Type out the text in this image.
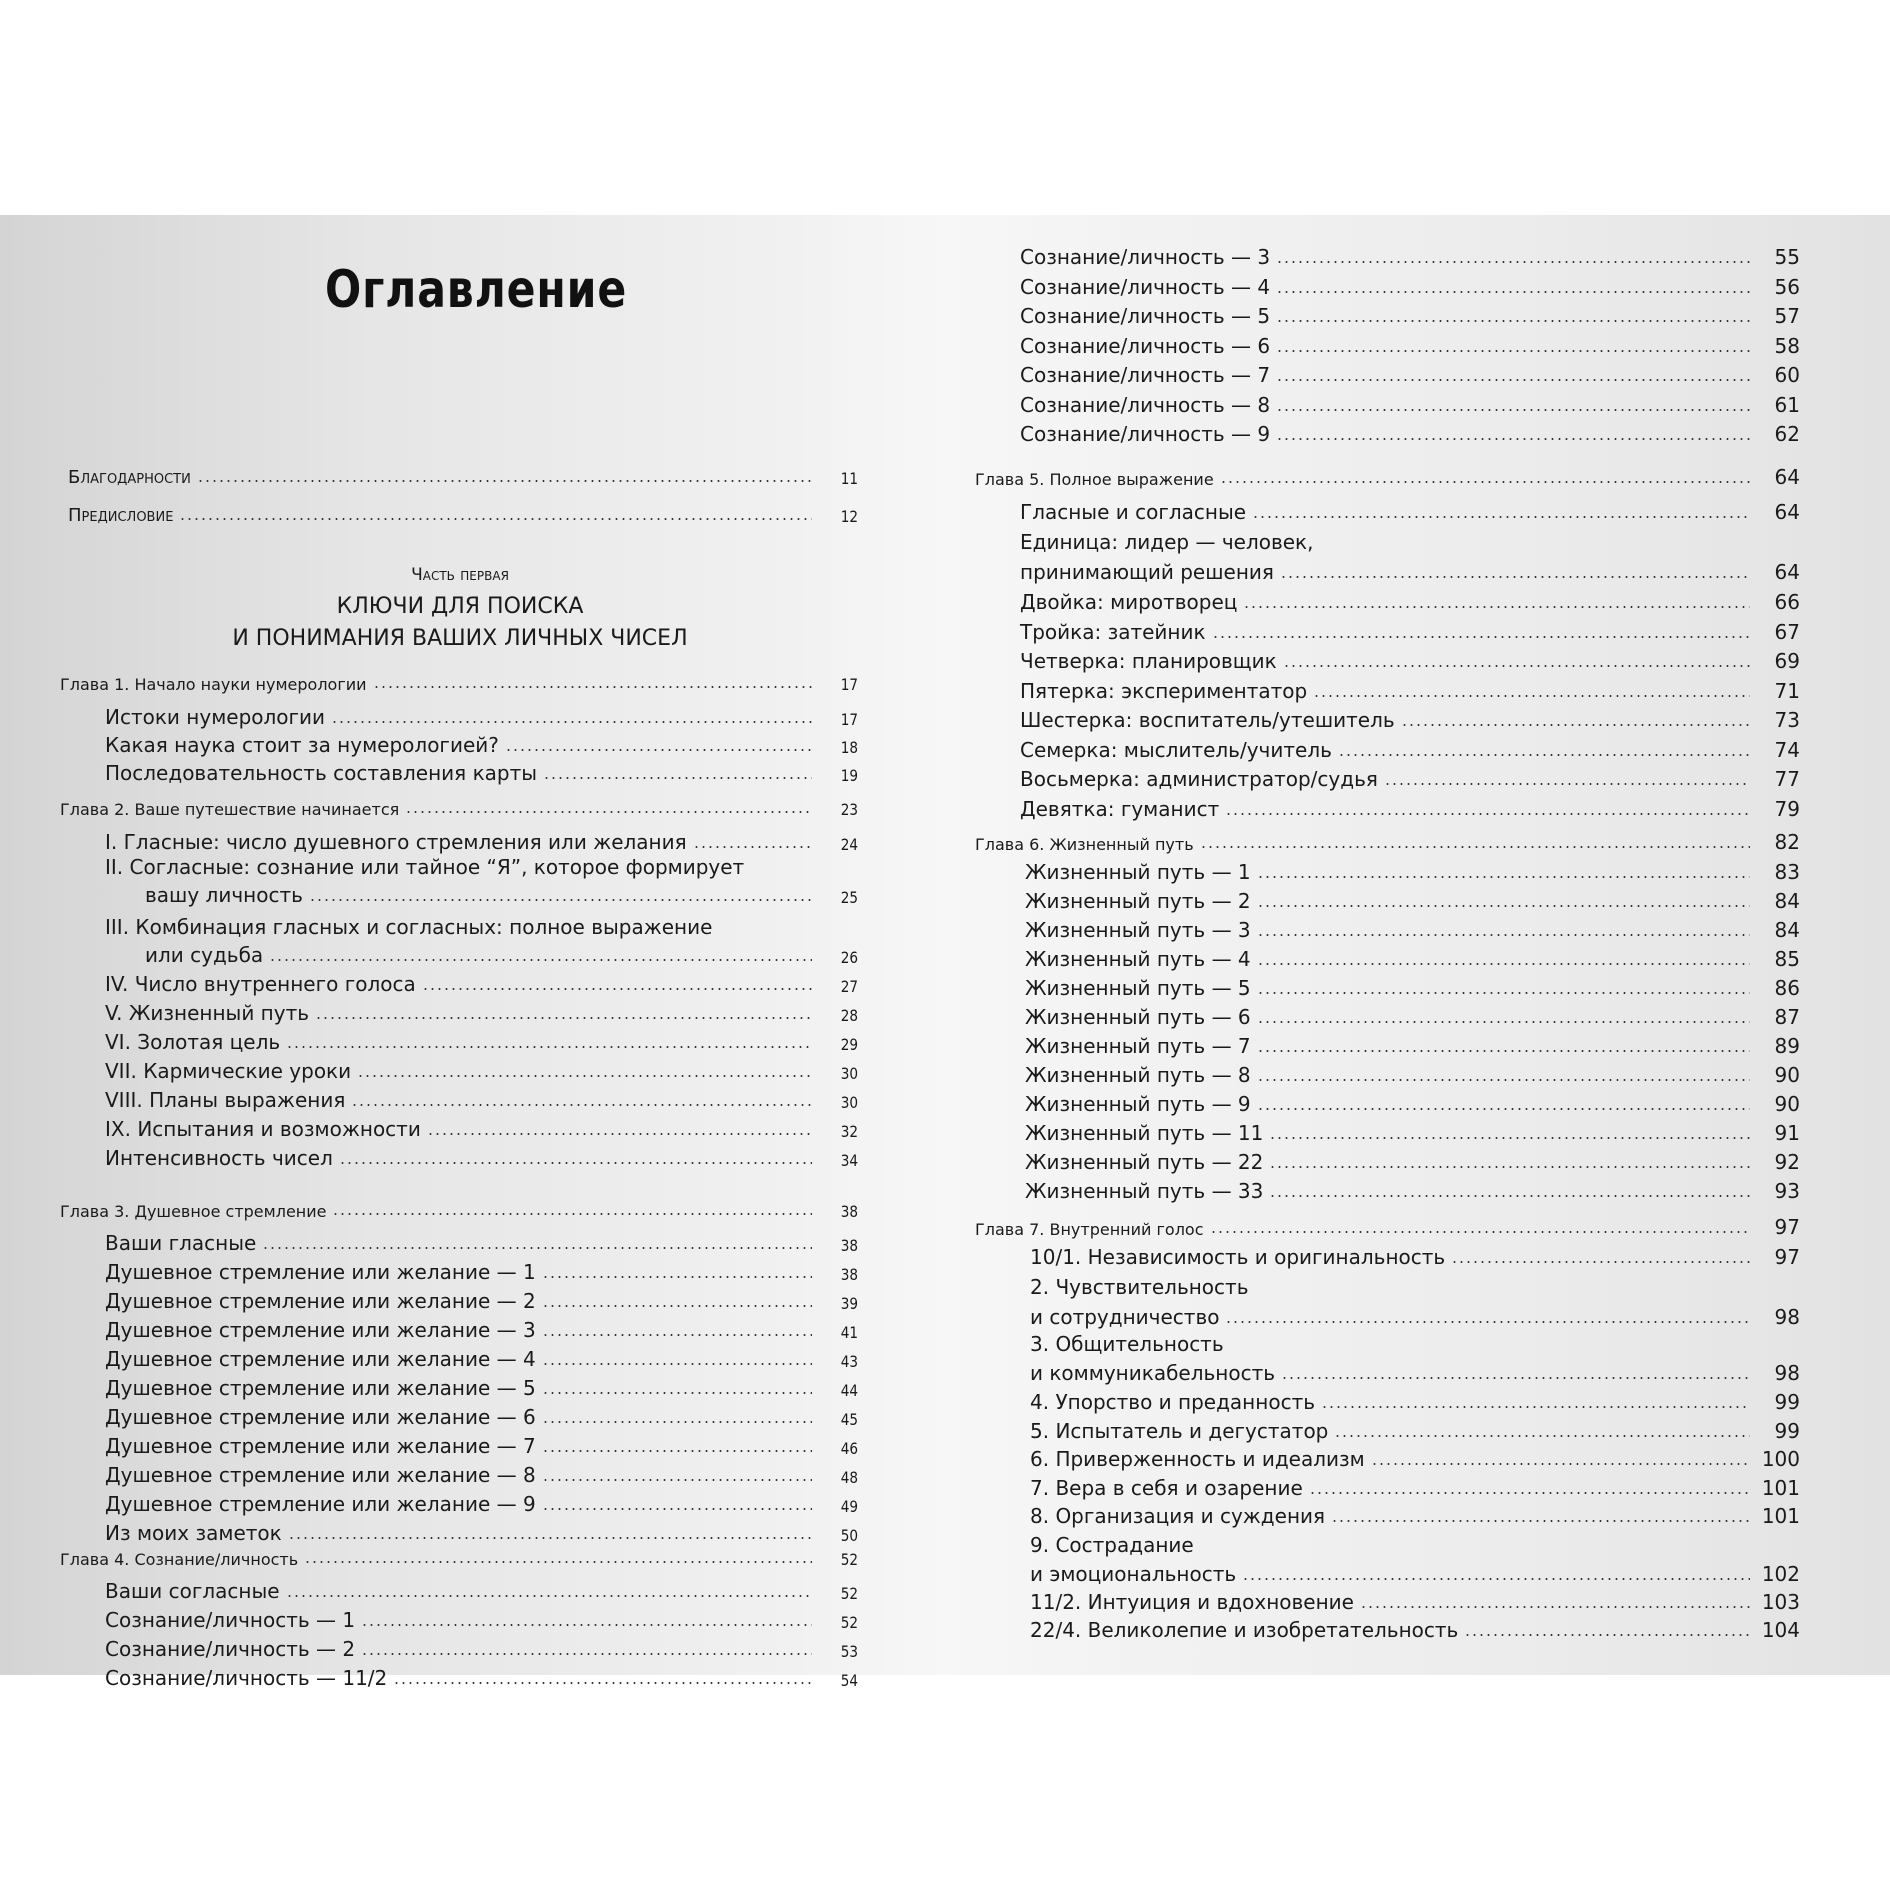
Оглавление
Благодарности	11
Предисловие	12
Часть первая
КЛЮЧИ ДЛЯ ПОИСКА
И ПОНИМАНИЯ ВАШИХ ЛИЧНЫХ ЧИСЕЛ
Глава 1. Начало науки нумерологии	17
Истоки нумерологии	17
Какая наука стоит за нумерологией?	18
Последовательность составления карты	19
Глава 2. Ваше путешествие начинается	23
I. Гласные: число душевного стремления или желания	24
II. Согласные: сознание или тайное “Я”, которое формирует
вашу личность	25
III. Комбинация гласных и согласных: полное выражение
или судьба	26
IV. Число внутреннего голоса	27
V. Жизненный путь	28
VI. Золотая цель	29
VII. Кармические уроки	30
VIII. Планы выражения	30
IX. Испытания и возможности	32
Интенсивность чисел	34
Глава 3. Душевное стремление	38
Ваши гласные	38
Душевное стремление или желание — 1	38
Душевное стремление или желание — 2	39
Душевное стремление или желание — 3	41
Душевное стремление или желание — 4	43
Душевное стремление или желание — 5	44
Душевное стремление или желание — 6	45
Душевное стремление или желание — 7	46
Душевное стремление или желание — 8	48
Душевное стремление или желание — 9	49
Из моих заметок	50
Глава 4. Сознание/личность	52
Ваши согласные	52
Сознание/личность — 1	52
Сознание/личность — 2	53
Сознание/личность — 11/2	54
Сознание/личность — 3	55
Сознание/личность — 4	56
Сознание/личность — 5	57
Сознание/личность — 6	58
Сознание/личность — 7	60
Сознание/личность — 8	61
Сознание/личность — 9	62
Глава 5. Полное выражение	64
Гласные и согласные	64
Единица: лидер — человек,
принимающий решения	64
Двойка: миротворец	66
Тройка: затейник	67
Четверка: планировщик	69
Пятерка: экспериментатор	71
Шестерка: воспитатель/утешитель	73
Семерка: мыслитель/учитель	74
Восьмерка: администратор/судья	77
Девятка: гуманист	79
Глава 6. Жизненный путь	82
Жизненный путь — 1	83
Жизненный путь — 2	84
Жизненный путь — 3	84
Жизненный путь — 4	85
Жизненный путь — 5	86
Жизненный путь — 6	87
Жизненный путь — 7	89
Жизненный путь — 8	90
Жизненный путь — 9	90
Жизненный путь — 11	91
Жизненный путь — 22	92
Жизненный путь — 33	93
Глава 7. Внутренний голос	97
10/1. Независимость и оригинальность	97
2. Чувствительность
и сотрудничество	98
3. Общительность
и коммуникабельность	98
4. Упорство и преданность	99
5. Испытатель и дегустатор	99
6. Приверженность и идеализм	100
7. Вера в себя и озарение	101
8. Организация и суждения	101
9. Сострадание
и эмоциональность	102
11/2. Интуиция и вдохновение	103
22/4. Великолепие и изобретательность	104
